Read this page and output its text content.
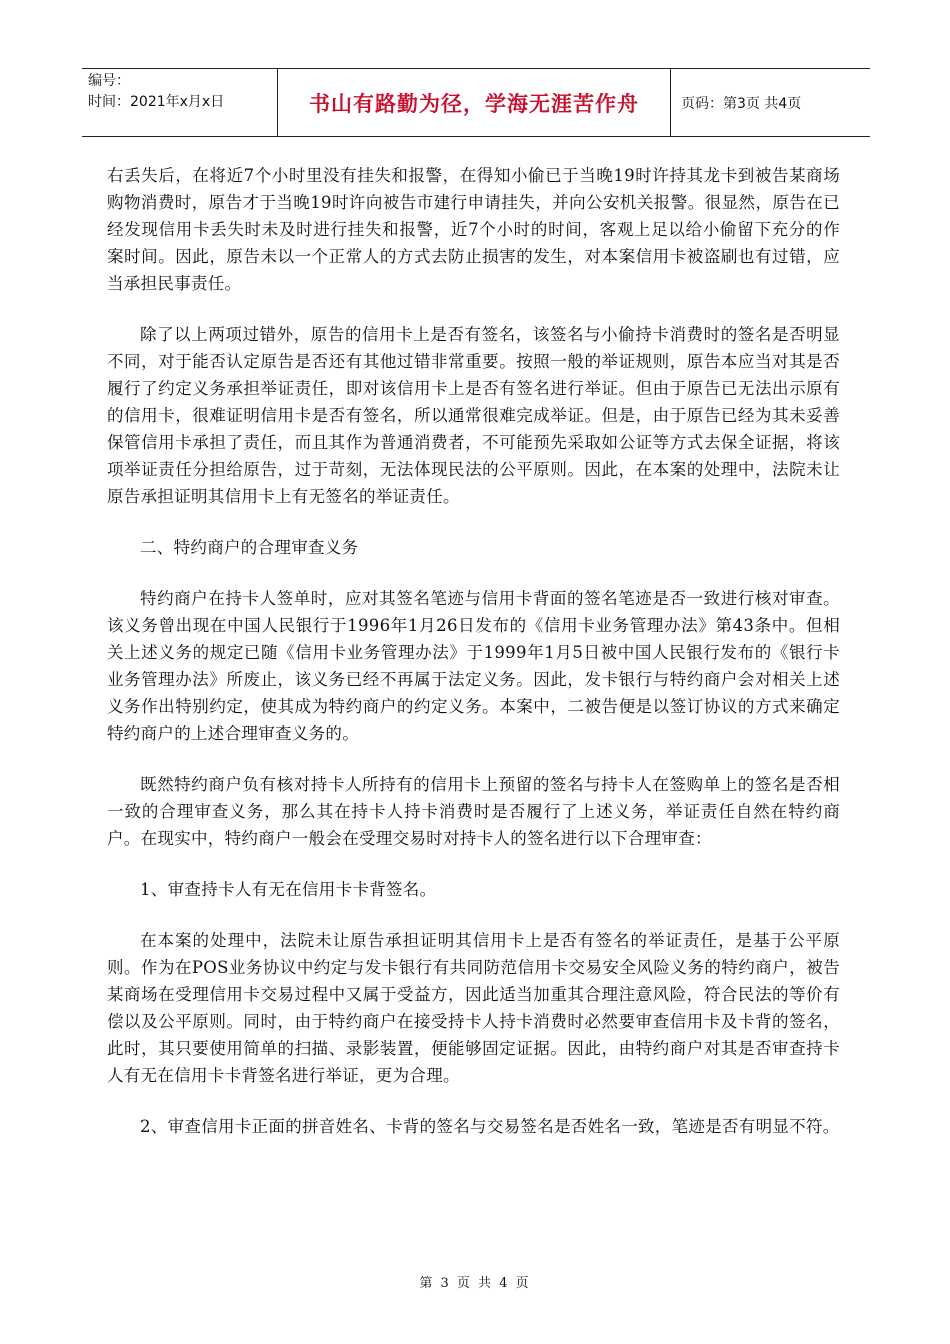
编号：
时间：2021年x月x日	书山有路勤为径，学海无涯苦作舟	页码：第3页 共4页

右丢失后，在将近7个小时里没有挂失和报警，在得知小偷已于当晚19时许持其龙卡到被告某商场购物消费时，原告才于当晚19时许向被告市建行申请挂失，并向公安机关报警。很显然，原告在已经发现信用卡丢失时未及时进行挂失和报警，近7个小时的时间，客观上足以给小偷留下充分的作案时间。因此，原告未以一个正常人的方式去防止损害的发生，对本案信用卡被盗刷也有过错，应当承担民事责任。

除了以上两项过错外，原告的信用卡上是否有签名，该签名与小偷持卡消费时的签名是否明显不同，对于能否认定原告是否还有其他过错非常重要。按照一般的举证规则，原告本应当对其是否履行了约定义务承担举证责任，即对该信用卡上是否有签名进行举证。但由于原告已无法出示原有的信用卡，很难证明信用卡是否有签名，所以通常很难完成举证。但是，由于原告已经为其未妥善保管信用卡承担了责任，而且其作为普通消费者，不可能预先采取如公证等方式去保全证据，将该项举证责任分担给原告，过于苛刻，无法体现民法的公平原则。因此，在本案的处理中，法院未让原告承担证明其信用卡上有无签名的举证责任。

二、特约商户的合理审查义务

特约商户在持卡人签单时，应对其签名笔迹与信用卡背面的签名笔迹是否一致进行核对审查。该义务曾出现在中国人民银行于1996年1月26日发布的《信用卡业务管理办法》第43条中。但相关上述义务的规定已随《信用卡业务管理办法》于1999年1月5日被中国人民银行发布的《银行卡业务管理办法》所废止，该义务已经不再属于法定义务。因此，发卡银行与特约商户会对相关上述义务作出特别约定，使其成为特约商户的约定义务。本案中，二被告便是以签订协议的方式来确定特约商户的上述合理审查义务的。

既然特约商户负有核对持卡人所持有的信用卡上预留的签名与持卡人在签购单上的签名是否相一致的合理审查义务，那么其在持卡人持卡消费时是否履行了上述义务，举证责任自然在特约商户。在现实中，特约商户一般会在受理交易时对持卡人的签名进行以下合理审查：

1、审查持卡人有无在信用卡卡背签名。

在本案的处理中，法院未让原告承担证明其信用卡上是否有签名的举证责任，是基于公平原则。作为在POS业务协议中约定与发卡银行有共同防范信用卡交易安全风险义务的特约商户，被告某商场在受理信用卡交易过程中又属于受益方，因此适当加重其合理注意风险，符合民法的等价有偿以及公平原则。同时，由于特约商户在接受持卡人持卡消费时必然要审查信用卡及卡背的签名，此时，其只要使用简单的扫描、录影装置，便能够固定证据。因此，由特约商户对其是否审查持卡人有无在信用卡卡背签名进行举证，更为合理。

2、审查信用卡正面的拼音姓名、卡背的签名与交易签名是否姓名一致，笔迹是否有明显不符。

第 3 页 共 4 页
